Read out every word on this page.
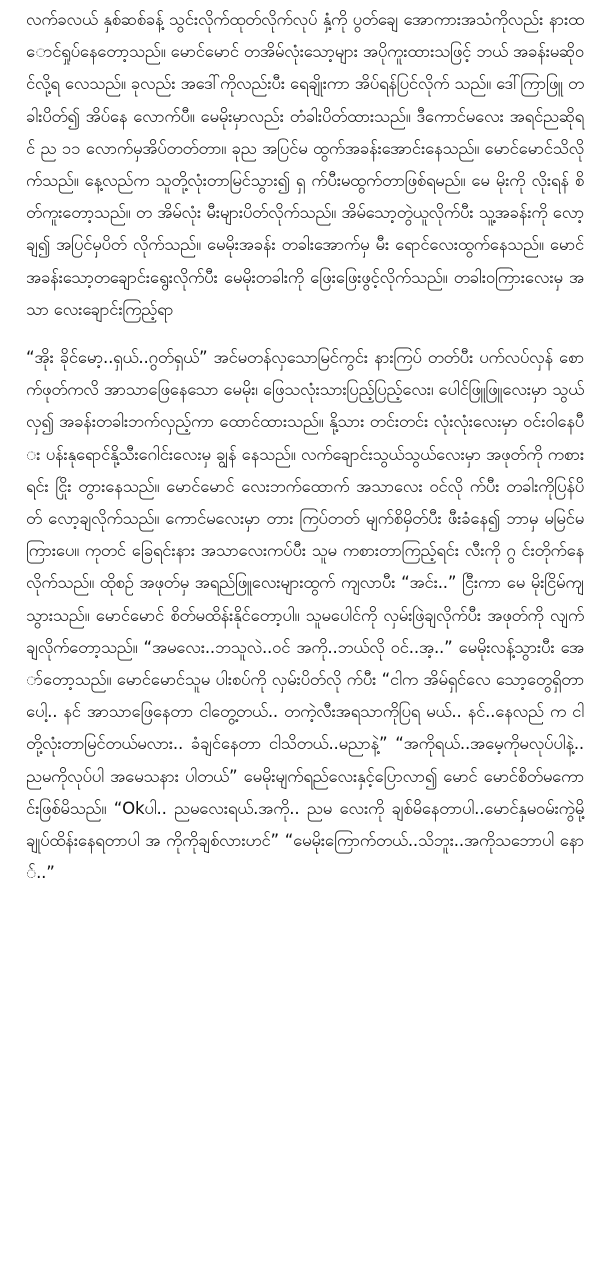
လက်ခလယ် နှစ်ဆစ်ခန့် သွင်းလိုက်ထုတ်လိုက်လုပ် နှံ့ကို ပွတ်ချေ အောကားအသံကိုလည်း နားထောင်ရှုပ်နေတော့သည်။ မောင်မောင် တအိမ်လုံးသော့များ အပိုကူးထားသဖြင့် ဘယ် အခန်းမဆိုဝင်လို့ရ လေသည်။ ခုလည်း အဒေါ်ကိုလည်းပီး ရေချိုးကာ အိပ်ရန်ပြင်လိုက် သည်။ ဒေါ်ကြာဖြူ တခါးပိတ်၍ အိပ်နေ လောက်ပီ။ မေမိုးမှာလည်း တံခါးပိတ်ထားသည်။ ဒီကောင်မလေး အရင်ညဆိုရင် ည ၁၁ လောက်မှအိပ်တတ်တာ။ ခုည အပြင်မ ထွက်အခန်းအောင်းနေသည်။ မောင်မောင်သိလိုက်သည်။ နေ့လည်က သူတို့လုံးတာမြင်သွား၍ ရှ က်ပီးမထွက်တာဖြစ်ရမည်။ မေ မိုးကို လိုးရန် စိတ်ကူးတော့သည်။ တ အိမ်လုံး မီးများပိတ်လိုက်သည်။ အိမ်သော့တွဲယူလိုက်ပီး သူ့အခန်းကို လော့ချ၍ အပြင်မှပိတ် လိုက်သည်။ မေမိုးအခန်း တခါးအောက်မှ မီး ရောင်လေးထွက်နေသည်။ မောင်အခန်းသော့တချောင်းရွေးလိုက်ပီး မေမိုးတခါးကို ဖြေးဖြေးဖွင့်လိုက်သည်။ တခါးဝကြားလေးမှ အသာ လေးချောင်းကြည့်ရာ

“အိုး ခိုင်မော့..ရှယ်..ဂွတ်ရှယ်” အင်မတန်လှသောမြင်ကွင်း နားကြပ် တတ်ပီး ပက်လပ်လှန် စောက်ဖုတ်ကလိ အာသာဖြေနေသော မေမိုး၊ ဖြေသလုံးသားပြည့်ပြည့်လေး၊ ပေါင်ဖြူဖြူလေးမှာ သွယ်လှ၍ အခန်းတခါးဘက်လှည့်ကာ ထောင်ထားသည်။ နို့သား တင်းတင်း လုံးလုံးလေးမှာ ဝင်းဝါနေပီး ပန်းနုရောင်နို့သီးဂေါင်းလေးမှ ချွန် နေသည်။ လက်ချောင်းသွယ်သွယ်လေးမှာ အဖုတ်ကို ကစားရင်း ငြိုး တွားနေသည်။ မောင်မောင် လေးဘက်ထောက် အသာလေး ဝင်လို က်ပီး တခါးကိုပြန်ပိတ် လော့ချလိုက်သည်။ ကောင်မလေးမှာ တား ကြပ်တတ် မျက်စိမှိတ်ပီး ဖီးခံနေ၍ ဘာမှ မမြင်မကြားပေ။ ကုတင် ခြေရင်းနား အသာလေးကပ်ပီး သူမ ကစားတာကြည့်ရင်း လီးကို ဂွ င်းတိုက်နေလိုက်သည်။ ထိုစဥ် အဖုတ်မှ အရည်ဖြူလေးများထွက် ကျလာပီး “အင်း..” ငြီးကာ မေ မိုးငြိမ်ကျသွားသည်။ မောင်မောင် စိတ်မထိန်းနိုင်တော့ပါ။ သူမပေါင်ကို လှမ်းဖြဲချလိုက်ပီး အဖုတ်ကို လျက်ချလိုက်တော့သည်။ “အမလေး..ဘသူလဲ..ဝင် အကို..ဘယ်လို ဝင်..အ့..” မေမိုးလန့်သွားပီး အော်တော့သည်။ မောင်မောင်သူမ ပါးစပ်ကို လှမ်းပိတ်လို က်ပီး “ငါက အိမ်ရှင်လေ သော့တွေရှိတာ ပေါ့.. နင် အာသာဖြေနေတာ ငါတွေ့တယ်.. တကဲ့လီးအရသာကိုပြရ မယ်.. နင်..နေလည် က ငါတို့လုံးတာမြင်တယ်မလား.. ခံချင်နေတာ ငါသိတယ်..မညာနဲ့” “အကိုရယ်..အမေ့ကိုမလုပ်ပါနဲ့.. ညမကိုလုပ်ပါ အမေသနား ပါတယ်” မေမိုးမျက်ရည်လေးနှင့်ပြောလာ၍ မောင် မောင်စိတ်မကောင်းဖြစ်မိသည်။ “Okပါ.. ညမလေးရယ်.အကို.. ညမ လေးကို ချစ်မိနေတာပါ..မောင်နှမဝမ်းကွဲမို့ ချုပ်ထိန်းနေရတာပါ အ ကိုကိုချစ်လားဟင်” “မေမိုးကြောက်တယ်..သိဘူး..အကိုသဘောပါ နော်..”
